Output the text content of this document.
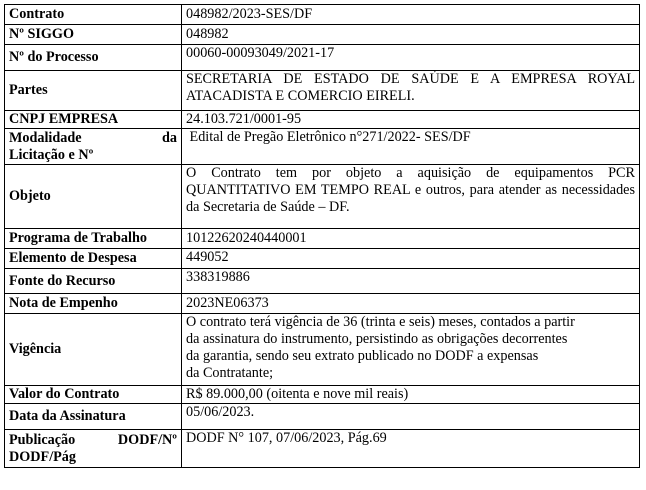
Contrato	048982/2023-SES/DF
Nº SIGGO	048982
Nº do Processo	00060-00093049/2021-17
Partes	SECRETARIA DE ESTADO DE SAÚDE E A EMPRESA ROYAL ATACADISTA E COMERCIO EIRELI.
CNPJ EMPRESA	24.103.721/0001-95

Modalidade da
Licitação e Nº	Edital de Pregão Eletrônico n°271/2022- SES/DF
Objeto	O Contrato tem por objeto a aquisição de equipamentos PCR QUANTITATIVO EM TEMPO REAL e outros, para atender as necessidades da Secretaria de Saúde – DF.
Programa de Trabalho	10122620240440001
Elemento de Despesa	449052
Fonte do Recurso	338319886
Nota de Empenho	2023NE06373
Vigência	O contrato terá vigência de 36 (trinta e seis) meses, contados a partir
da assinatura do instrumento, persistindo as obrigações decorrentes
da garantia, sendo seu extrato publicado no DODF a expensas
da Contratante;

Valor do Contrato	R$ 89.000,00 (oitenta e nove mil reais)
Data da Assinatura	05/06/2023.

Publicação DODF/Nº
DODF/Pág	DODF N° 107, 07/06/2023, Pág.69
